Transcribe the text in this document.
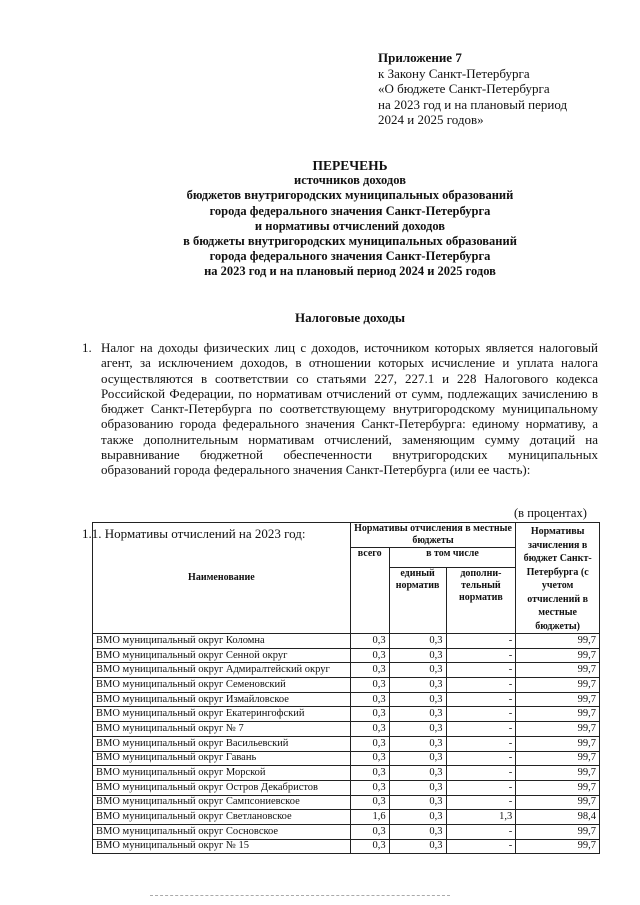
Приложение 7
к Закону Санкт-Петербурга
«О бюджете Санкт-Петербурга
на 2023 год и на плановый период
2024 и 2025 годов»
ПЕРЕЧЕНЬ
источников доходов
бюджетов внутригородских муниципальных образований
города федерального значения Санкт-Петербурга
и нормативы отчислений доходов
в бюджеты внутригородских муниципальных образований
города федерального значения Санкт-Петербурга
на 2023 год и на плановый период 2024 и 2025 годов
Налоговые доходы
1. Налог на доходы физических лиц с доходов, источником которых является налоговый агент, за исключением доходов, в отношении которых исчисление и уплата налога осуществляются в соответствии со статьями 227, 227.1 и 228 Налогового кодекса Российской Федерации, по нормативам отчислений от сумм, подлежащих зачислению в бюджет Санкт-Петербурга по соответствующему внутригородскому муниципальному образованию города федерального значения Санкт-Петербурга: единому нормативу, а также дополнительным нормативам отчислений, заменяющим сумму дотаций на выравнивание бюджетной обеспеченности внутригородских муниципальных образований города федерального значения Санкт-Петербурга (или ее часть):
(в процентах)
1.1. Нормативы отчислений на 2023 год:
Наименование	Нормативы отчисления в местные бюджеты			Нормативы зачисления в бюджет Санкт-Петербурга (с учетом отчислений в местные бюджеты)
	всего	в том числе		
		единый норматив	дополни-тельный норматив	
ВМО муниципальный округ Коломна	0,3	0,3	-	99,7
ВМО муниципальный округ Сенной округ	0,3	0,3	-	99,7
ВМО муниципальный округ Адмиралтейский округ	0,3	0,3	-	99,7
ВМО муниципальный округ Семеновский	0,3	0,3	-	99,7
ВМО муниципальный округ Измайловское	0,3	0,3	-	99,7
ВМО муниципальный округ Екатерингофский	0,3	0,3	-	99,7
ВМО муниципальный округ № 7	0,3	0,3	-	99,7
ВМО муниципальный округ Васильевский	0,3	0,3	-	99,7
ВМО муниципальный округ Гавань	0,3	0,3	-	99,7
ВМО муниципальный округ Морской	0,3	0,3	-	99,7
ВМО муниципальный округ Остров Декабристов	0,3	0,3	-	99,7
ВМО муниципальный округ Сампсониевское	0,3	0,3	-	99,7
ВМО муниципальный округ Светлановское	1,6	0,3	1,3	98,4
ВМО муниципальный округ Сосновское	0,3	0,3	-	99,7
ВМО муниципальный округ № 15	0,3	0,3	-	99,7
